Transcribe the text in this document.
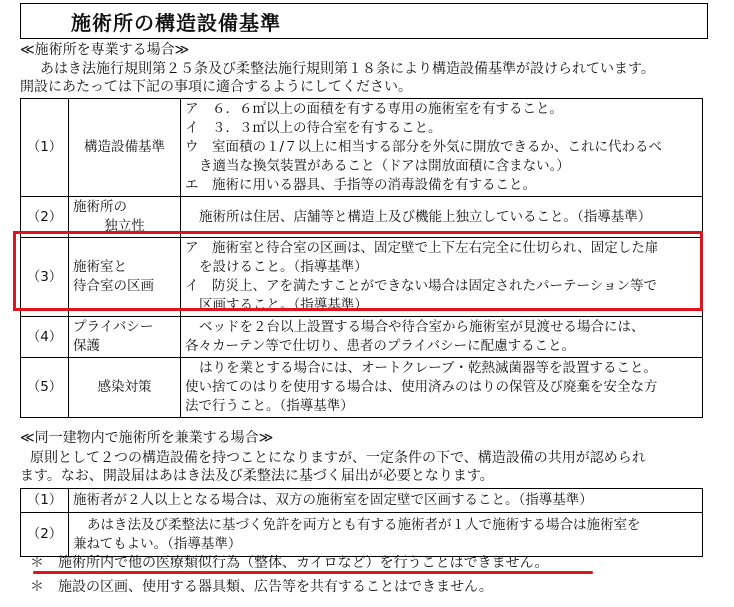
施術所の構造設備基準
≪施術所を専業する場合≫
あはき法施行規則第２５条及び柔整法施行規則第１８条により構造設備基準が設けられています。
開設にあたっては下記の事項に適合するようにしてください。
（1）	構造設備基準	ア　６．６㎡以上の面積を有する専用の施術室を有すること。
イ　３．３㎡以上の待合室を有すること。
ウ　室面積の１/７以上に相当する部分を外気に開放できるか、これに代わるべ
き適当な換気装置があること（ドアは開放面積に含まない。）
エ　施術に用いる器具、手指等の消毒設備を有すること。

（2）	施術所の
独立性	施術所は住居、店舗等と構造上及び機能上独立していること。（指導基準）

（3）	施術室と
待合室の区画	ア　施術室と待合室の区画は、固定壁で上下左右完全に仕切られ、固定した扉
を設けること。（指導基準）
イ　防災上、アを満たすことができない場合は固定されたパーテーション等で
区画すること。（指導基準）

（4）	プライバシー
保護	ベッドを２台以上設置する場合や待合室から施術室が見渡せる場合には、
各々カーテン等で仕切り、患者のプライバシーに配慮すること。

（5）	感染対策	はりを業とする場合には、オートクレーブ・乾熱滅菌器等を設置すること。
使い捨てのはりを使用する場合は、使用済みのはりの保管及び廃棄を安全な方
法で行うこと。（指導基準）
≪同一建物内で施術所を兼業する場合≫
原則として２つの構造設備を持つことになりますが、一定条件の下で、構造設備の共用が認められ
ます。なお、開設届はあはき法及び柔整法に基づく届出が必要となります。
（1）	施術者が２人以上となる場合は、双方の施術室を固定壁で区画すること。（指導基準）

（2）	あはき法及び柔整法に基づく免許を両方とも有する施術者が１人で施術する場合は施術室を
兼ねてもよい。（指導基準）
＊　施術所内で他の医療類似行為（整体、カイロなど）を行うことはできません。
＊　施設の区画、使用する器具類、広告等を共有することはできません。
